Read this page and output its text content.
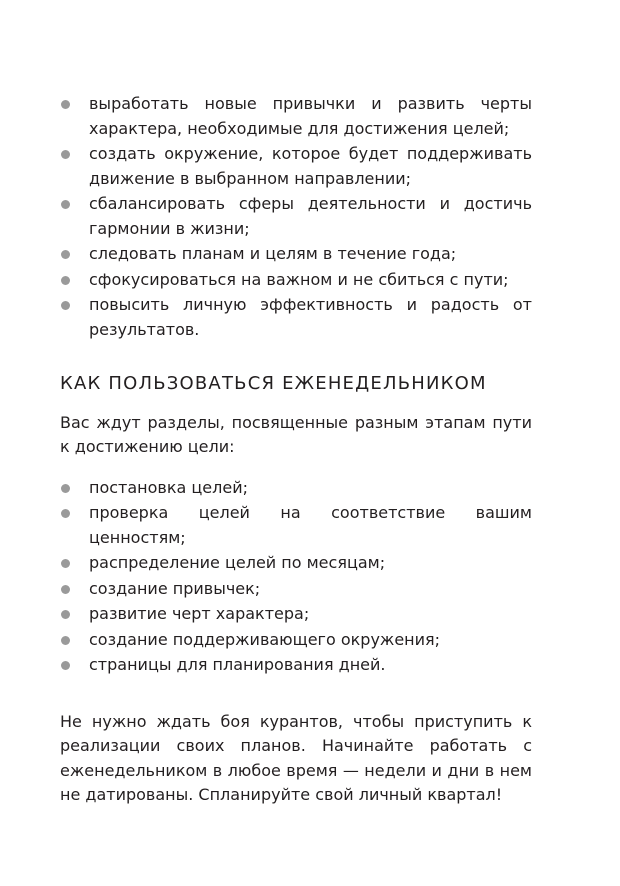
выработать новые привычки и развить черты характера, необходимые для достижения целей;
создать окружение, которое будет поддерживать движение в выбранном направлении;
сбалансировать сферы деятельности и достичь гармонии в жизни;
следовать планам и целям в течение года;
сфокусироваться на важном и не сбиться с пути;
повысить личную эффективность и радость от результатов.
КАК ПОЛЬЗОВАТЬСЯ ЕЖЕНЕДЕЛЬНИКОМ

Вас ждут разделы, посвященные разным этапам пути к достижению цели:

постановка целей;
проверка целей на соответствие вашим ценностям;
распределение целей по месяцам;
создание привычек;
развитие черт характера;
создание поддерживающего окружения;
страницы для планирования дней.

Не нужно ждать боя курантов, чтобы приступить к реализации своих планов. Начинайте работать с еженедельником в любое время — недели и дни в нем не датированы. Спланируйте свой личный квартал!
